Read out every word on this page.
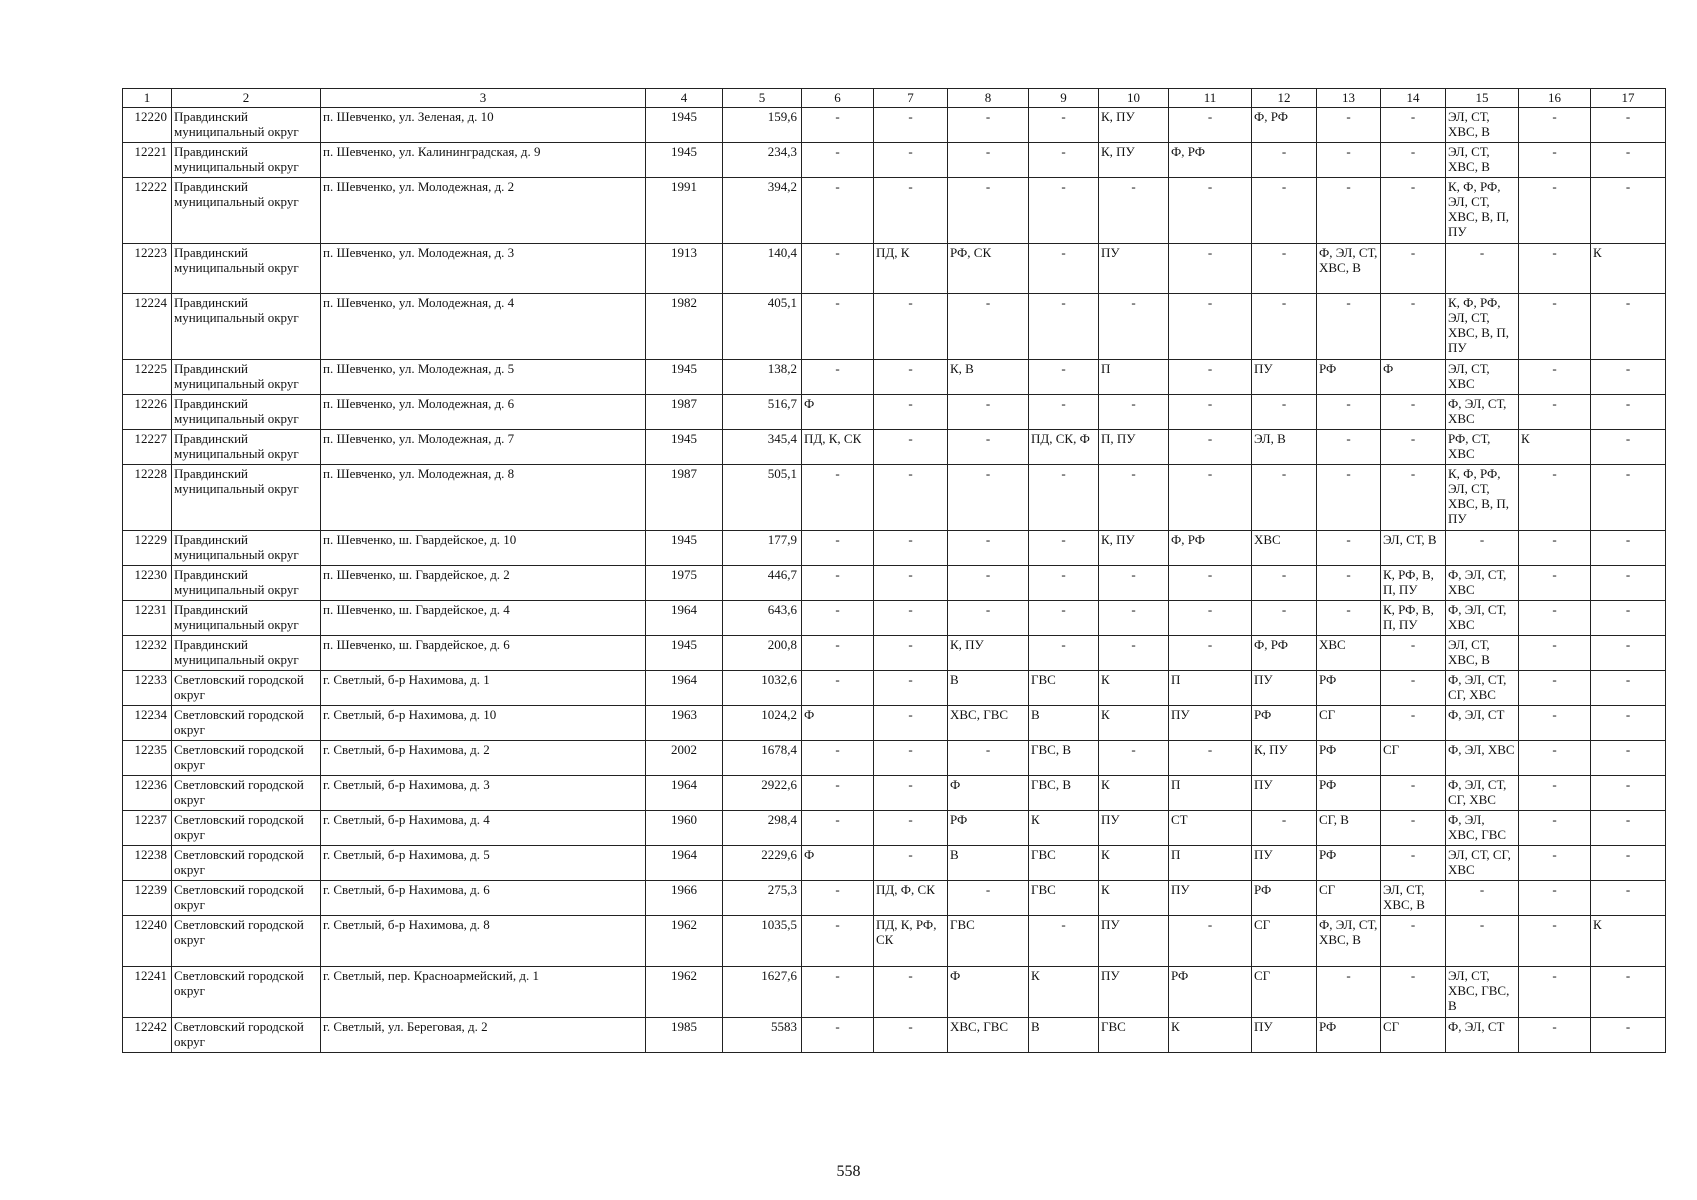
1	2	3	4	5	6	7	8	9	10	11	12	13	14	15	16	17
12220	Правдинский муниципальный округ	п. Шевченко, ул. Зеленая, д. 10	1945	159,6	-	-	-	-	К, ПУ	-	Ф, РФ	-	-	ЭЛ, СТ, ХВС, В	-	-
12221	Правдинский муниципальный округ	п. Шевченко, ул. Калининградская, д. 9	1945	234,3	-	-	-	-	К, ПУ	Ф, РФ	-	-	-	ЭЛ, СТ, ХВС, В	-	-
12222	Правдинский муниципальный округ	п. Шевченко, ул. Молодежная, д. 2	1991	394,2	-	-	-	-	-	-	-	-	-	К, Ф, РФ, ЭЛ, СТ, ХВС, В, П, ПУ	-	-
12223	Правдинский муниципальный округ	п. Шевченко, ул. Молодежная, д. 3	1913	140,4	-	ПД, К	РФ, СК	-	ПУ	-	-	Ф, ЭЛ, СТ, ХВС, В	-	-	-	К
12224	Правдинский муниципальный округ	п. Шевченко, ул. Молодежная, д. 4	1982	405,1	-	-	-	-	-	-	-	-	-	К, Ф, РФ, ЭЛ, СТ, ХВС, В, П, ПУ	-	-
12225	Правдинский муниципальный округ	п. Шевченко, ул. Молодежная, д. 5	1945	138,2	-	-	К, В	-	П	-	ПУ	РФ	Ф	ЭЛ, СТ, ХВС	-	-
12226	Правдинский муниципальный округ	п. Шевченко, ул. Молодежная, д. 6	1987	516,7	Ф	-	-	-	-	-	-	-	-	Ф, ЭЛ, СТ, ХВС	-	-
12227	Правдинский муниципальный округ	п. Шевченко, ул. Молодежная, д. 7	1945	345,4	ПД, К, СК	-	-	ПД, СК, Ф	П, ПУ	-	ЭЛ, В	-	-	РФ, СТ, ХВС	К	-
12228	Правдинский муниципальный округ	п. Шевченко, ул. Молодежная, д. 8	1987	505,1	-	-	-	-	-	-	-	-	-	К, Ф, РФ, ЭЛ, СТ, ХВС, В, П, ПУ	-	-
12229	Правдинский муниципальный округ	п. Шевченко, ш. Гвардейское, д. 10	1945	177,9	-	-	-	-	К, ПУ	Ф, РФ	ХВС	-	ЭЛ, СТ, В	-	-	-
12230	Правдинский муниципальный округ	п. Шевченко, ш. Гвардейское, д. 2	1975	446,7	-	-	-	-	-	-	-	-	К, РФ, В, П, ПУ	Ф, ЭЛ, СТ, ХВС	-	-
12231	Правдинский муниципальный округ	п. Шевченко, ш. Гвардейское, д. 4	1964	643,6	-	-	-	-	-	-	-	-	К, РФ, В, П, ПУ	Ф, ЭЛ, СТ, ХВС	-	-
12232	Правдинский муниципальный округ	п. Шевченко, ш. Гвардейское, д. 6	1945	200,8	-	-	К, ПУ	-	-	-	Ф, РФ	ХВС	-	ЭЛ, СТ, ХВС, В	-	-
12233	Светловский городской округ	г. Светлый, б-р Нахимова, д. 1	1964	1032,6	-	-	В	ГВС	К	П	ПУ	РФ	-	Ф, ЭЛ, СТ, СГ, ХВС	-	-
12234	Светловский городской округ	г. Светлый, б-р Нахимова, д. 10	1963	1024,2	Ф	-	ХВС, ГВС	В	К	ПУ	РФ	СГ	-	Ф, ЭЛ, СТ	-	-
12235	Светловский городской округ	г. Светлый, б-р Нахимова, д. 2	2002	1678,4	-	-	-	ГВС, В	-	-	К, ПУ	РФ	СГ	Ф, ЭЛ, ХВС	-	-
12236	Светловский городской округ	г. Светлый, б-р Нахимова, д. 3	1964	2922,6	-	-	Ф	ГВС, В	К	П	ПУ	РФ	-	Ф, ЭЛ, СТ, СГ, ХВС	-	-
12237	Светловский городской округ	г. Светлый, б-р Нахимова, д. 4	1960	298,4	-	-	РФ	К	ПУ	СТ	-	СГ, В	-	Ф, ЭЛ, ХВС, ГВС	-	-
12238	Светловский городской округ	г. Светлый, б-р Нахимова, д. 5	1964	2229,6	Ф	-	В	ГВС	К	П	ПУ	РФ	-	ЭЛ, СТ, СГ, ХВС	-	-
12239	Светловский городской округ	г. Светлый, б-р Нахимова, д. 6	1966	275,3	-	ПД, Ф, СК	-	ГВС	К	ПУ	РФ	СГ	ЭЛ, СТ, ХВС, В	-	-	-
12240	Светловский городской округ	г. Светлый, б-р Нахимова, д. 8	1962	1035,5	-	ПД, К, РФ, СК	ГВС	-	ПУ	-	СГ	Ф, ЭЛ, СТ, ХВС, В	-	-	-	К
12241	Светловский городской округ	г. Светлый, пер. Красноармейский, д. 1	1962	1627,6	-	-	Ф	К	ПУ	РФ	СГ	-	-	ЭЛ, СТ, ХВС, ГВС, В	-	-
12242	Светловский городской округ	г. Светлый, ул. Береговая, д. 2	1985	5583	-	-	ХВС, ГВС	В	ГВС	К	ПУ	РФ	СГ	Ф, ЭЛ, СТ	-	-
558
